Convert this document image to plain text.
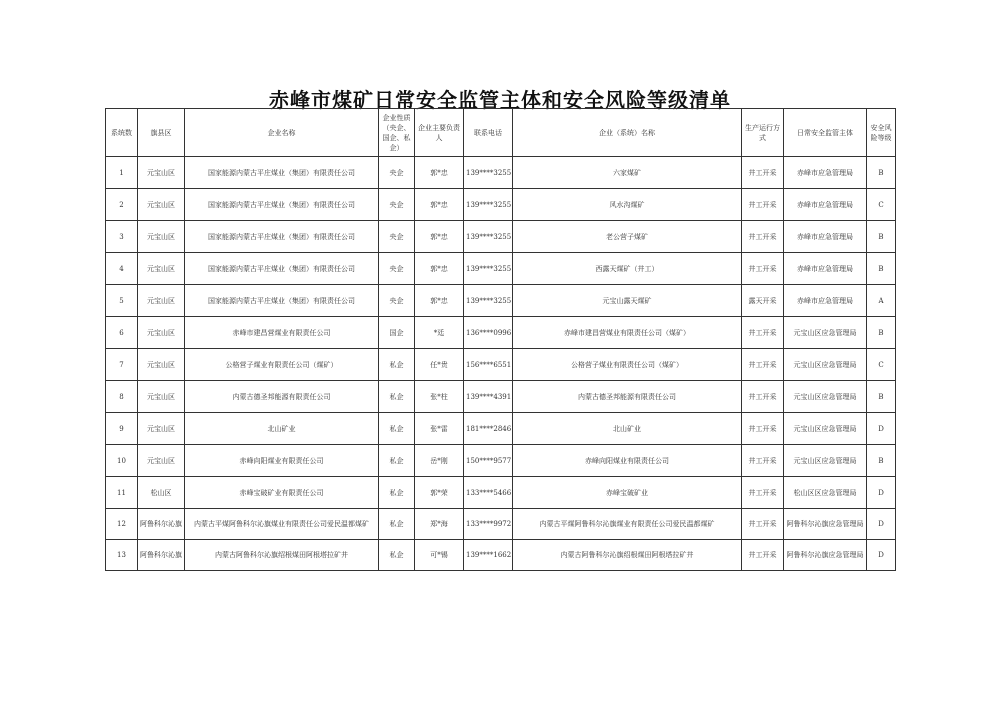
赤峰市煤矿日常安全监管主体和安全风险等级清单
系统数	旗县区	企业名称	企业性质（央企、国企、私企）	企业主要负责人	联系电话	企业（系统）名称	生产运行方式	日常安全监管主体	安全风险等级
1	元宝山区	国家能源内蒙古平庄煤业（集团）有限责任公司	央企	郭*忠	139****3255	六家煤矿	井工开采	赤峰市应急管理局	B
2	元宝山区	国家能源内蒙古平庄煤业（集团）有限责任公司	央企	郭*忠	139****3255	风水沟煤矿	井工开采	赤峰市应急管理局	C
3	元宝山区	国家能源内蒙古平庄煤业（集团）有限责任公司	央企	郭*忠	139****3255	老公营子煤矿	井工开采	赤峰市应急管理局	B
4	元宝山区	国家能源内蒙古平庄煤业（集团）有限责任公司	央企	郭*忠	139****3255	西露天煤矿（井工）	井工开采	赤峰市应急管理局	B
5	元宝山区	国家能源内蒙古平庄煤业（集团）有限责任公司	央企	郭*忠	139****3255	元宝山露天煤矿	露天开采	赤峰市应急管理局	A
6	元宝山区	赤峰市建昌营煤业有限责任公司	国企	*廷	136****0996	赤峰市建昌营煤业有限责任公司（煤矿）	井工开采	元宝山区应急管理局	B
7	元宝山区	公格营子煤业有限责任公司（煤矿）	私企	任*贵	156****6551	公格营子煤业有限责任公司（煤矿）	井工开采	元宝山区应急管理局	C
8	元宝山区	内蒙古德圣邦能源有限责任公司	私企	张*柱	139****4391	内蒙古德圣邦能源有限责任公司	井工开采	元宝山区应急管理局	B
9	元宝山区	北山矿业	私企	张*雷	181****2846	北山矿业	井工开采	元宝山区应急管理局	D
10	元宝山区	赤峰向阳煤业有限责任公司	私企	岳*刚	150****9577	赤峰向阳煤业有限责任公司	井工开采	元宝山区应急管理局	B
11	松山区	赤峰宝破矿业有限责任公司	私企	郭*荣	133****5466	赤峰宝破矿业	井工开采	松山区区应急管理局	D
12	阿鲁科尔沁旗	内蒙古平煤阿鲁科尔沁旗煤业有限责任公司爱民温都煤矿	私企	郑*海	133****9972	内蒙古平煤阿鲁科尔沁旗煤业有限责任公司爱民温都煤矿	井工开采	阿鲁科尔沁旗应急管理局	D
13	阿鲁科尔沁旗	内蒙古阿鲁科尔沁旗绍根煤田阿根塔拉矿井	私企	可*锡	139****1662	内蒙古阿鲁科尔沁旗绍根煤田阿根塔拉矿井	井工开采	阿鲁科尔沁旗应急管理局	D
